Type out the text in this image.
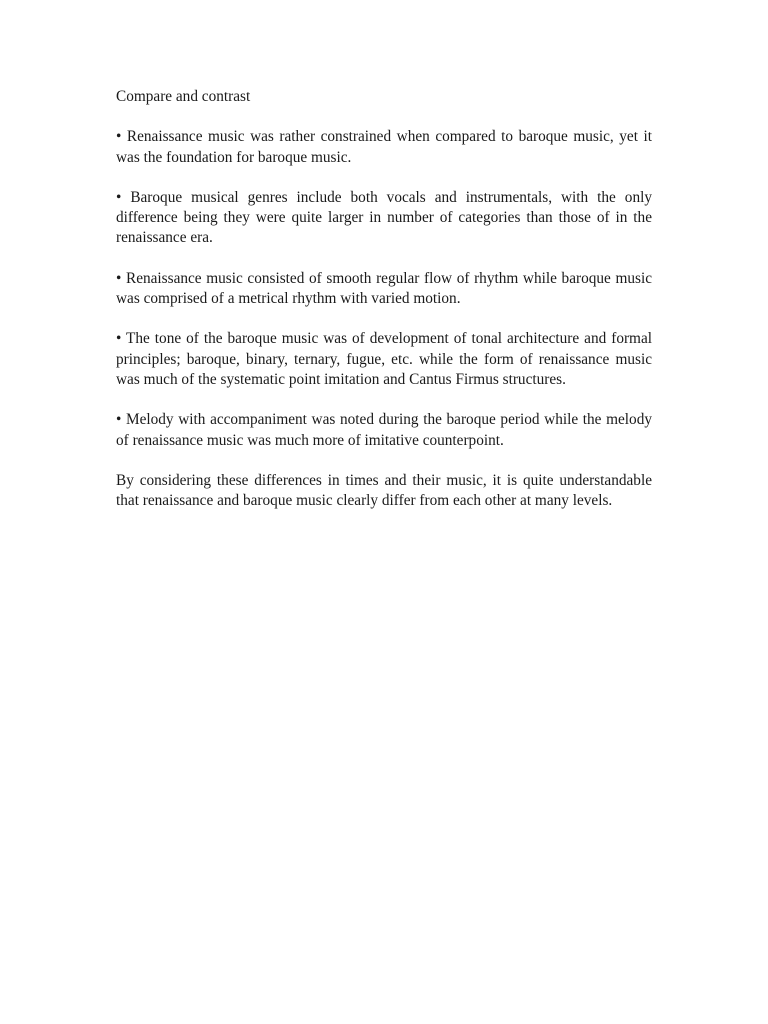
Compare and contrast

• Renaissance music was rather constrained when compared to baroque music, yet it was the foundation for baroque music.

• Baroque musical genres include both vocals and instrumentals, with the only difference being they were quite larger in number of categories than those of in the renaissance era.

• Renaissance music consisted of smooth regular flow of rhythm while baroque music was comprised of a metrical rhythm with varied motion.

• The tone of the baroque music was of development of tonal architecture and formal principles; baroque, binary, ternary, fugue, etc. while the form of renaissance music was much of the systematic point imitation and Cantus Firmus structures.

• Melody with accompaniment was noted during the baroque period while the melody of renaissance music was much more of imitative counterpoint.

By considering these differences in times and their music, it is quite understandable that renaissance and baroque music clearly differ from each other at many levels.
